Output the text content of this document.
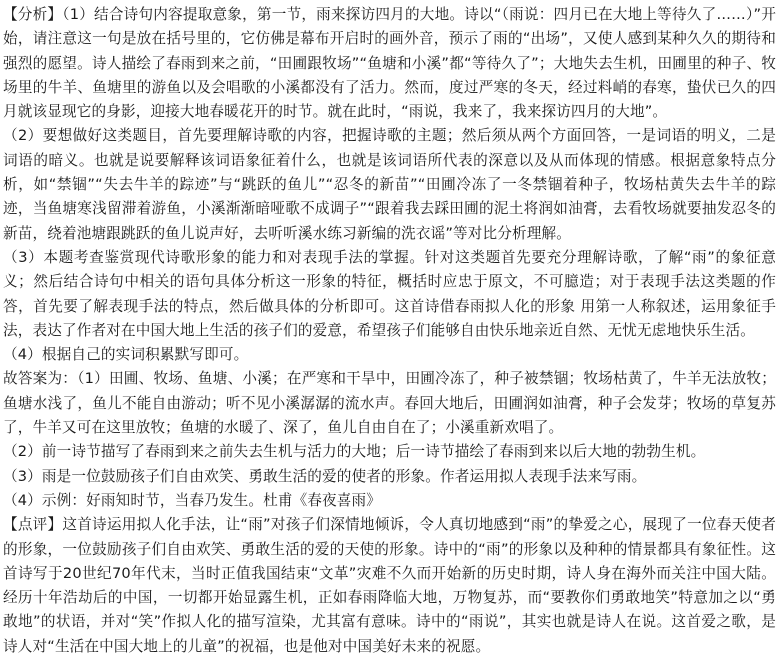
【分析】（1）结合诗句内容提取意象，第一节，雨来探访四月的大地。诗以“（雨说：四月已在大地上等待久了……）”开始，请注意这一句是放在括号里的，它仿佛是幕布开启时的画外音，预示了雨的“出场”，又使人感到某种久久的期待和强烈的愿望。诗人描绘了春雨到来之前，“田圃跟牧场”“鱼塘和小溪”都“等待久了”；大地失去生机，田圃里的种子、牧场里的牛羊、鱼塘里的游鱼以及会唱歌的小溪都没有了活力。然而，度过严寒的冬天，经过料峭的春寒，蛰伏已久的四月就该显现它的身影，迎接大地春暖花开的时节。就在此时，“雨说，我来了，我来探访四月的大地”。

（2）要想做好这类题目，首先要理解诗歌的内容，把握诗歌的主题；然后须从两个方面回答，一是词语的明义，二是词语的暗义。也就是说要解释该词语象征着什么，也就是该词语所代表的深意以及从而体现的情感。根据意象特点分析，如“禁锢”“失去牛羊的踪迹”与“跳跃的鱼儿”“忍冬的新苗”“田圃冷冻了一冬禁锢着种子，牧场枯黄失去牛羊的踪迹，当鱼塘寒浅留滞着游鱼，小溪渐渐暗哑歌不成调子”“跟着我去踩田圃的泥土将润如油膏，去看牧场就要抽发忍冬的新苗，绕着池塘跟跳跃的鱼儿说声好，去听听溪水练习新编的洗衣谣”等对比分析理解。

（3）本题考查鉴赏现代诗歌形象的能力和对表现手法的掌握。针对这类题首先要充分理解诗歌，了解“雨”的象征意义；然后结合诗句中相关的语句具体分析这一形象的特征，概括时应忠于原文，不可臆造；对于表现手法这类题的作答，首先要了解表现手法的特点，然后做具体的分析即可。这首诗借春雨拟人化的形象 用第一人称叙述，运用象征手法，表达了作者对在中国大地上生活的孩子们的爱意，希望孩子们能够自由快乐地亲近自然、无忧无虑地快乐生活。

（4）根据自己的实词积累默写即可。

故答案为：（1）田圃、牧场、鱼塘、小溪；在严寒和干旱中，田圃冷冻了，种子被禁锢；牧场枯黄了，牛羊无法放牧；鱼塘水浅了，鱼儿不能自由游动；听不见小溪潺潺的流水声。春回大地后，田圃润如油膏，种子会发芽；牧场的草复苏了，牛羊又可在这里放牧；鱼塘的水暖了、深了，鱼儿自由自在了；小溪重新欢唱了。

（2）前一诗节描写了春雨到来之前失去生机与活力的大地；后一诗节描绘了春雨到来以后大地的勃勃生机。

（3）雨是一位鼓励孩子们自由欢笑、勇敢生活的爱的使者的形象。作者运用拟人表现手法来写雨。

（4）示例：好雨知时节，当春乃发生。杜甫《春夜喜雨》

【点评】这首诗运用拟人化手法，让“雨”对孩子们深情地倾诉，令人真切地感到“雨”的挚爱之心，展现了一位春天使者的形象，一位鼓励孩子们自由欢笑、勇敢生活的爱的天使的形象。诗中的“雨”的形象以及种种的情景都具有象征性。这首诗写于20世纪70年代末，当时正值我国结束“文革”灾难不久而开始新的历史时期，诗人身在海外而关注中国大陆。经历十年浩劫后的中国，一切都开始显露生机，正如春雨降临大地，万物复苏，而“要教你们勇敢地笑”特意加之以“勇敢地”的状语，并对“笑”作拟人化的描写渲染，尤其富有意味。诗中的“雨说”，其实也就是诗人在说。这首爱之歌，是诗人对“生活在中国大地上的儿童”的祝福，也是他对中国美好未来的祝愿。
